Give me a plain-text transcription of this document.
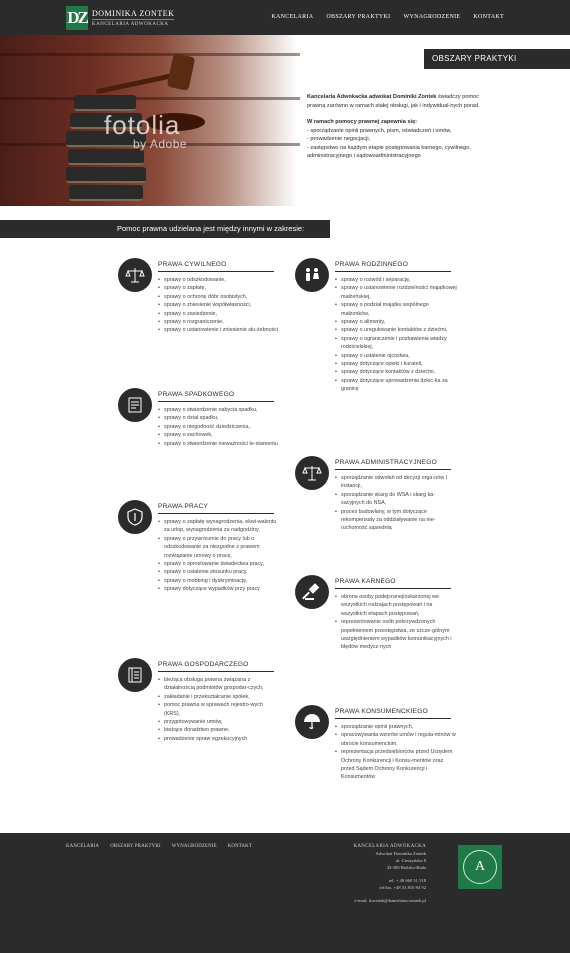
DZ DOMINIKA ZONTEK
KANCELARIA ADWOKACKA
KANCELARIA OBSZARY PRAKTYKI WYNAGRODZENIE KONTAKT
fotolia
by Adobe
OBSZARY PRAKTYKI

Kancelaria Adwokacka adwokat Dominiki Zontek świadczy pomoc prawną zarówno w ramach stałej obsługi, jak i indywidual-nych porad.

W ramach pomocy prawnej zapewnia się:

- sporządzanie opinii prawnych, pism, oświadczeń i umów,
- prowadzenie negocjacji,
- zastępstwo na każdym etapie postępowania karnego, cywilnego, administracyjnego i sądowoadministracyjnego
Pomoc prawna udzielana jest między innymi w zakresie:
PRAWA CYWILNEGO
• sprawy o odszkodowanie,
• sprawy o zapłatę,
• sprawy o ochronę dóbr osobistych,
• sprawy o zniesienie współwłasności,
• sprawy o zasiedzenie,
• sprawy o rozgraniczenie,
• sprawy o ustanowienie i zniesienie słu-żebności
PRAWA RODZINNEGO
• sprawy o rozwód i separację,
• sprawy o ustanowienie rozdzielności majątkowej małżeńskiej,
• sprawy o podział majątku wspólnego małżonków,
• sprawy o alimenty,
• sprawy o uregulowanie kontaktów z dziećmi,
• sprawy o ograniczenie i pozbawienia władzy rodzicielskiej,
• sprawy o ustalenie ojcostwa,
• sprawy dotyczące opieki i kurateli,
• sprawy dotyczące kontaktów z dziećmi,
• sprawy dotyczące uprowadzenia dziec-ka za granicę
PRAWA SPADKOWEGO
• sprawy o stwierdzenie nabycia spadku,
• sprawy o dział spadku,
• sprawy o niegodność dziedziczenia,
• sprawy o zachowek,
• sprawy o stwierdzenie nieważności te-stamentu
PRAWA ADMINISTRACYJNEGO
• sporządzanie odwołań od decyzji orga-nów I instancji,
• sporządzanie skarg do WSA i skarg ka-sacyjnych do NSA,
• proces budowlany, w tym dotyczące rekompensaty za oddziaływanie na nie-ruchomość sąsiednią
PRAWA PRACY
• sprawy o zapłatę wynagrodzenia, ekwi-walentu za urlop, wynagrodzenia za nadgodziny,
• sprawy o przywrócenie do pracy lub o odszkodowanie za niezgodne z prawem rozwiązanie umowy o pracę,
• sprawy o sprostowanie świadectwa pracy,
• sprawy o ustalenie stosunku pracy,
• sprawy o mobbing i dyskryminację,
• sprawy dotyczące wypadków przy pracy
PRAWA KARNEGO
• obrona osoby podejrzanej/oskarżonej we wszystkich rodzajach postępowań i na wszystkich etapach postępowań,
• reprezentowanie osób pokrzywdzonych popełnieniem przestępstwa, ze szcze-gólnym uwzględnieniem wypadków komunikacyjnych i błędów medycz-nych
PRAWA GOSPODARCZEGO
• bieżąca obsługa prawna związana z działalnością podmiotów gospodar-czych,
• zakładanie i przekształcanie spółek,
• pomoc prawna w sprawach rejestro-wych (KRS),
• przygotowywanie umów,
• bieżące doradztwo prawne,
• prowadzenie spraw egzekucyjnych
PRAWA KONSUMENCKIEGO
• sporządzanie opinii prawnych,
• opracowywania wzorów umów i regula-minów w obrocie konsumenckim,
• reprezentacja przedsiębiorców przed Urzędem Ochrony Konkurencji i Konsu-mentów oraz przed Sądem Ochrony Konkurencji i Konsumentów
KANCELARIA OBSZARY PRAKTYKI WYNAGRODZENIE KONTAKT	KANCELARIA ADWOKACKA
Adwokat Dominika Zontek
ul. Cieszyńska 8
43-300 Bielsko-Biała
tel. + 48 660 51 518
tel/fax. +48 33 816 94 92
e-mail: d.zontek@kancelaria-zontek.pl
A
